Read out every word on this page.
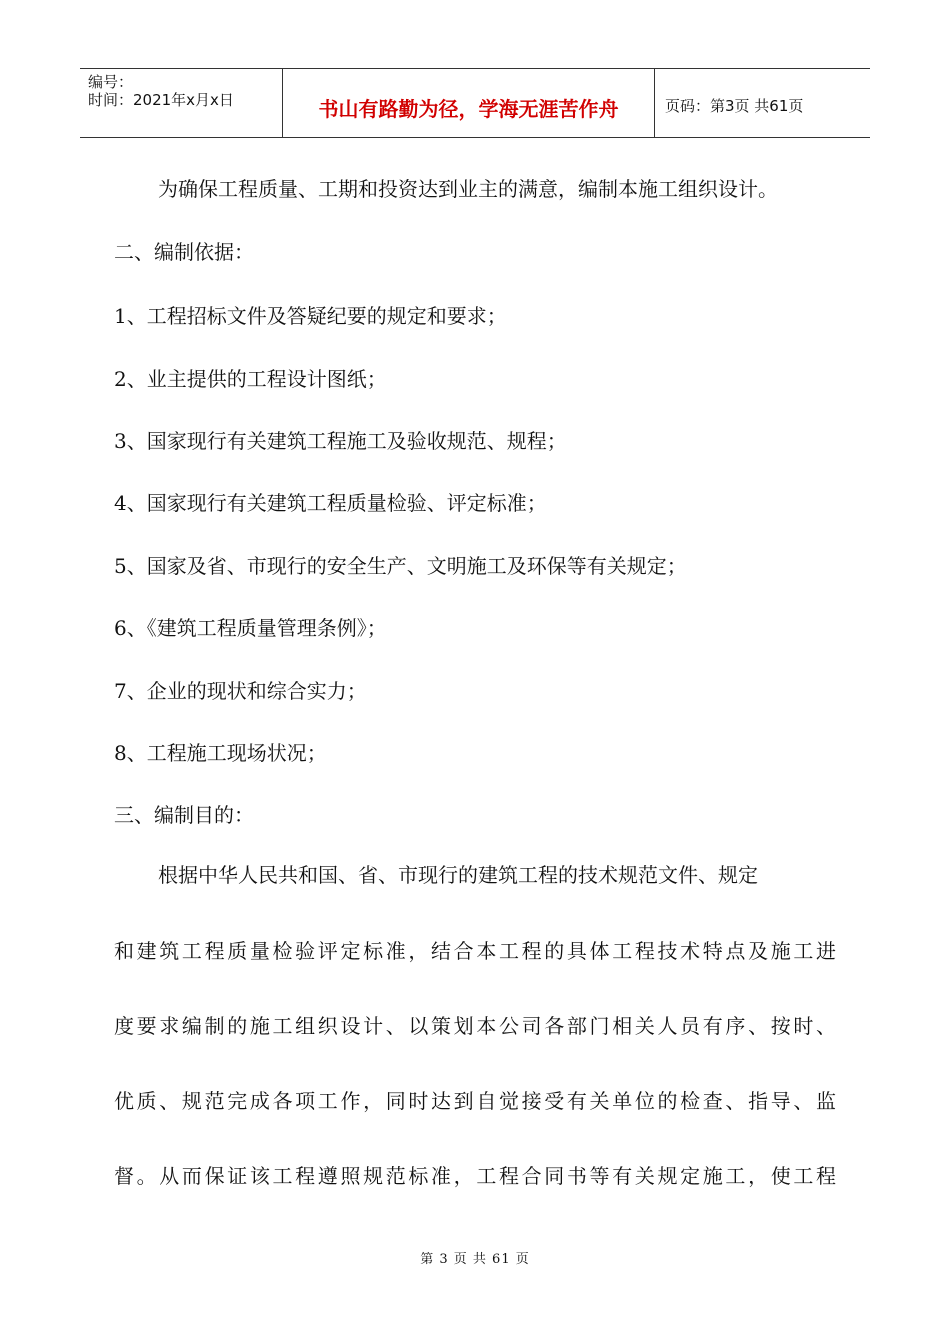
编号：
时间：2021年x月x日	书山有路勤为径，学海无涯苦作舟	页码：第3页 共61页
为确保工程质量、工期和投资达到业主的满意，编制本施工组织设计。
二、编制依据：
1、工程招标文件及答疑纪要的规定和要求；
2、业主提供的工程设计图纸；
3、国家现行有关建筑工程施工及验收规范、规程；
4、国家现行有关建筑工程质量检验、评定标准；
5、国家及省、市现行的安全生产、文明施工及环保等有关规定；
6、《建筑工程质量管理条例》；
7、企业的现状和综合实力；
8、工程施工现场状况；
三、编制目的：
根据中华人民共和国、省、市现行的建筑工程的技术规范文件、规定
和建筑工程质量检验评定标准，结合本工程的具体工程技术特点及施工进
度要求编制的施工组织设计、以策划本公司各部门相关人员有序、按时、
优质、规范完成各项工作，同时达到自觉接受有关单位的检查、指导、监
督。从而保证该工程遵照规范标准，工程合同书等有关规定施工，使工程
第 3 页 共 61 页
